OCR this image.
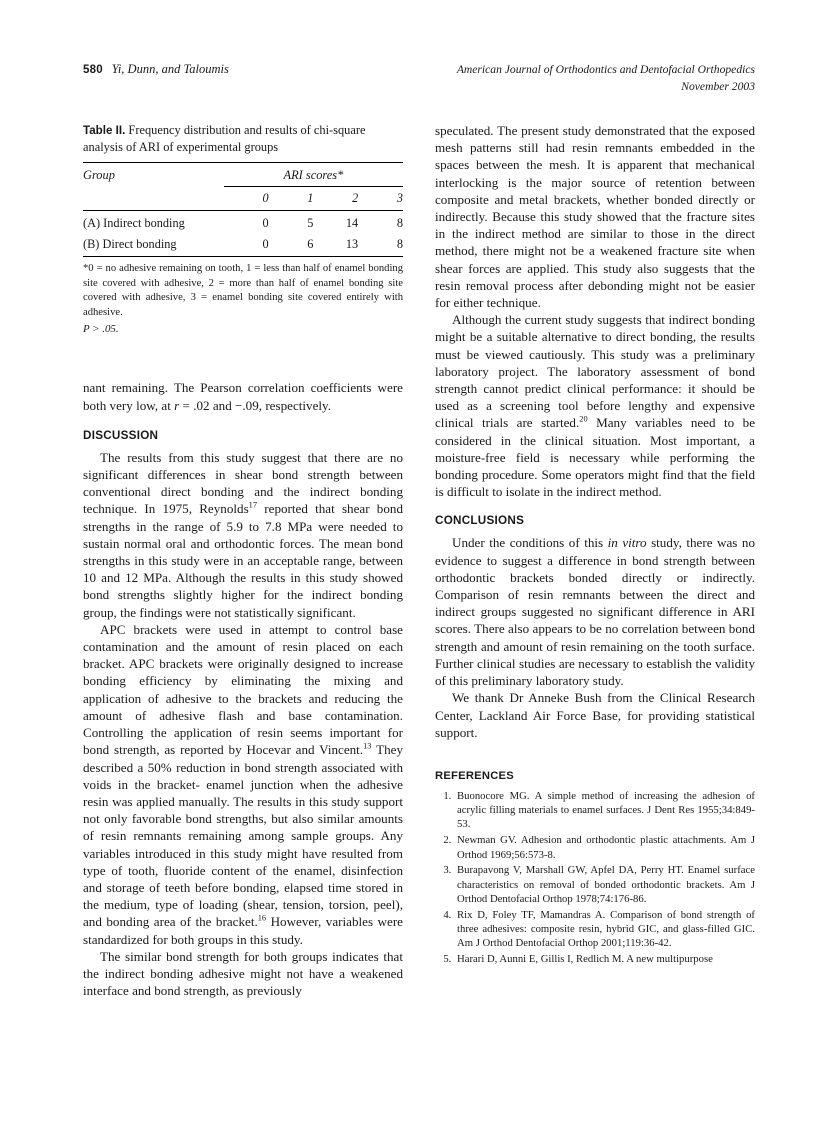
580 Yi, Dunn, and Taloumis	American Journal of Orthodontics and Dentofacial Orthopedics
November 2003

Table II. Frequency distribution and results of chi-square analysis of ARI of experimental groups

Group	ARI scores*			
	0	1	2	3
(A) Indirect bonding	0	5	14	8
(B) Direct bonding	0	6	13	8

*0 = no adhesive remaining on tooth, 1 = less than half of enamel bonding site covered with adhesive, 2 = more than half of enamel bonding site covered with adhesive, 3 = enamel bonding site covered entirely with adhesive.

P > .05.

nant remaining. The Pearson correlation coefficients were both very low, at r = .02 and −.09, respectively.

DISCUSSION

The results from this study suggest that there are no significant differences in shear bond strength between conventional direct bonding and the indirect bonding technique. In 1975, Reynolds$^{17}$ reported that shear bond strengths in the range of 5.9 to 7.8 MPa were needed to sustain normal oral and orthodontic forces. The mean bond strengths in this study were in an acceptable range, between 10 and 12 MPa. Although the results in this study showed bond strengths slightly higher for the indirect bonding group, the findings were not statistically significant.

APC brackets were used in attempt to control base contamination and the amount of resin placed on each bracket. APC brackets were originally designed to increase bonding efficiency by eliminating the mixing and application of adhesive to the brackets and reducing the amount of adhesive flash and base contamination. Controlling the application of resin seems important for bond strength, as reported by Hocevar and Vincent.$^{13}$ They described a 50% reduction in bond strength associated with voids in the bracket- enamel junction when the adhesive resin was applied manually. The results in this study support not only favorable bond strengths, but also similar amounts of resin remnants remaining among sample groups. Any variables introduced in this study might have resulted from type of tooth, fluoride content of the enamel, disinfection and storage of teeth before bonding, elapsed time stored in the medium, type of loading (shear, tension, torsion, peel), and bonding area of the bracket.$^{16}$ However, variables were standardized for both groups in this study.

The similar bond strength for both groups indicates that the indirect bonding adhesive might not have a weakened interface and bond strength, as previously

speculated. The present study demonstrated that the exposed mesh patterns still had resin remnants embedded in the spaces between the mesh. It is apparent that mechanical interlocking is the major source of retention between composite and metal brackets, whether bonded directly or indirectly. Because this study showed that the fracture sites in the indirect method are similar to those in the direct method, there might not be a weakened fracture site when shear forces are applied. This study also suggests that the resin removal process after debonding might not be easier for either technique.

Although the current study suggests that indirect bonding might be a suitable alternative to direct bonding, the results must be viewed cautiously. This study was a preliminary laboratory project. The laboratory assessment of bond strength cannot predict clinical performance: it should be used as a screening tool before lengthy and expensive clinical trials are started.$^{20}$ Many variables need to be considered in the clinical situation. Most important, a moisture-free field is necessary while performing the bonding procedure. Some operators might find that the field is difficult to isolate in the indirect method.

CONCLUSIONS

Under the conditions of this in vitro study, there was no evidence to suggest a difference in bond strength between orthodontic brackets bonded directly or indirectly. Comparison of resin remnants between the direct and indirect groups suggested no significant difference in ARI scores. There also appears to be no correlation between bond strength and amount of resin remaining on the tooth surface. Further clinical studies are necessary to establish the validity of this preliminary laboratory study.

We thank Dr Anneke Bush from the Clinical Research Center, Lackland Air Force Base, for providing statistical support.

REFERENCES
1. Buonocore MG. A simple method of increasing the adhesion of acrylic filling materials to enamel surfaces. J Dent Res 1955;34:849-53.
2. Newman GV. Adhesion and orthodontic plastic attachments. Am J Orthod 1969;56:573-8.
3. Burapavong V, Marshall GW, Apfel DA, Perry HT. Enamel surface characteristics on removal of bonded orthodontic brackets. Am J Orthod Dentofacial Orthop 1978;74:176-86.
4. Rix D, Foley TF, Mamandras A. Comparison of bond strength of three adhesives: composite resin, hybrid GIC, and glass-filled GIC. Am J Orthod Dentofacial Orthop 2001;119:36-42.
5. Harari D, Aunni E, Gillis I, Redlich M. A new multipurpose
